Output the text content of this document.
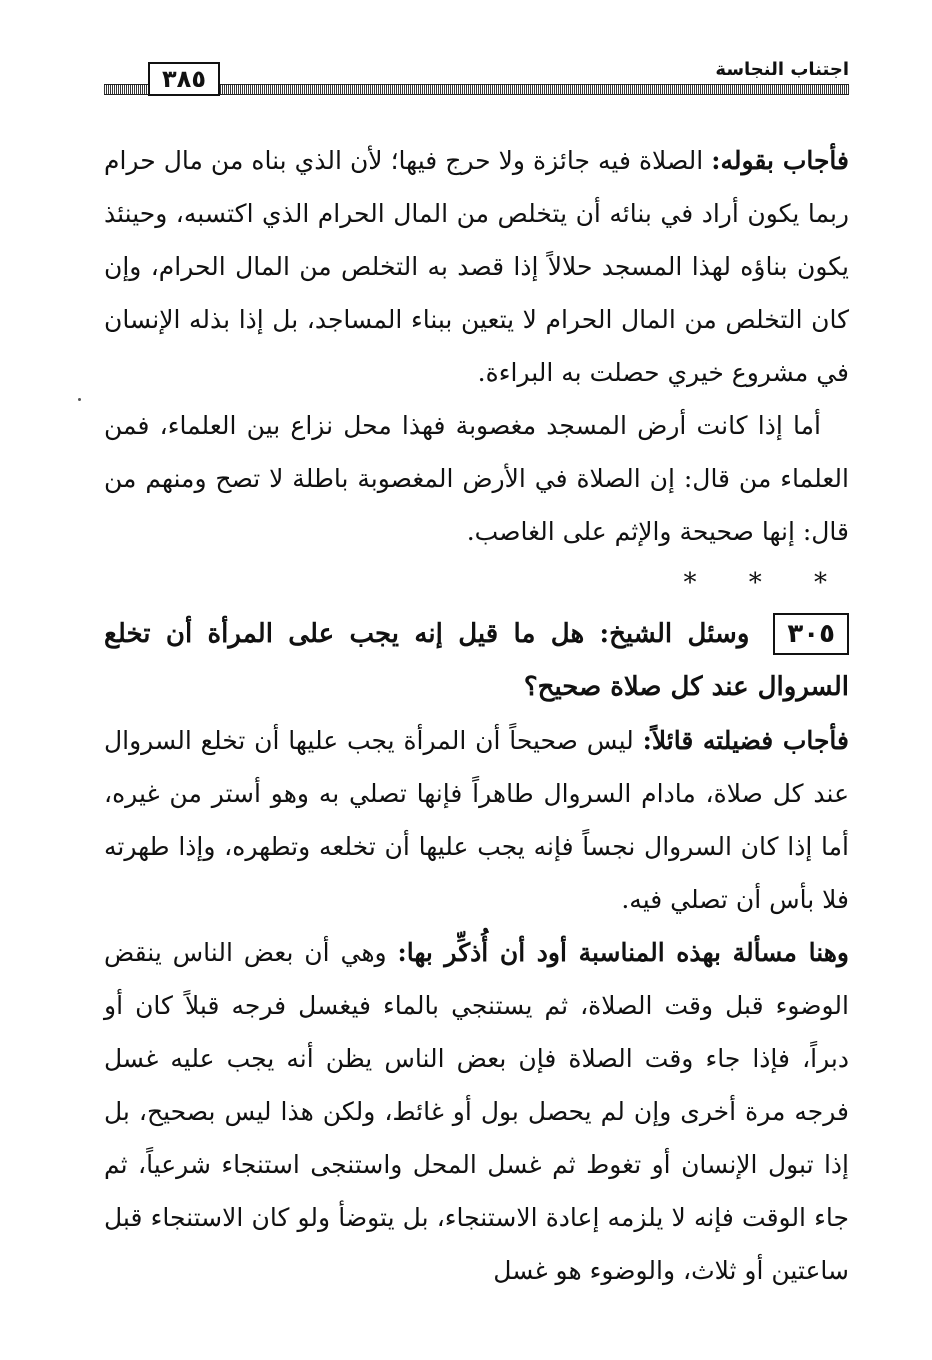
٣٨٥	اجتناب النجاسة

فأجاب بقوله: الصلاة فيه جائزة ولا حرج فيها؛ لأن الذي بناه من مال حرام ربما يكون أراد في بنائه أن يتخلص من المال الحرام الذي اكتسبه، وحينئذ يكون بناؤه لهذا المسجد حلالاً إذا قصد به التخلص من المال الحرام، وإن كان التخلص من المال الحرام لا يتعين ببناء المساجد، بل إذا بذله الإنسان في مشروع خيري حصلت به البراءة.

أما إذا كانت أرض المسجد مغصوبة فهذا محل نزاع بين العلماء، فمن العلماء من قال: إن الصلاة في الأرض المغصوبة باطلة لا تصح ومنهم من قال: إنها صحيحة والإثم على الغاصب.

* * *

٣٠٥وسئل الشيخ: هل ما قيل إنه يجب على المرأة أن تخلع السروال عند كل صلاة صحيح؟

فأجاب فضيلته قائلاً: ليس صحيحاً أن المرأة يجب عليها أن تخلع السروال عند كل صلاة، مادام السروال طاهراً فإنها تصلي به وهو أستر من غيره، أما إذا كان السروال نجساً فإنه يجب عليها أن تخلعه وتطهره، وإذا طهرته فلا بأس أن تصلي فيه.

وهنا مسألة بهذه المناسبة أود أن أُذكِّر بها: وهي أن بعض الناس ينقض الوضوء قبل وقت الصلاة، ثم يستنجي بالماء فيغسل فرجه قبلاً كان أو دبراً، فإذا جاء وقت الصلاة فإن بعض الناس يظن أنه يجب عليه غسل فرجه مرة أخرى وإن لم يحصل بول أو غائط، ولكن هذا ليس بصحيح، بل إذا تبول الإنسان أو تغوط ثم غسل المحل واستنجى استنجاء شرعياً، ثم جاء الوقت فإنه لا يلزمه إعادة الاستنجاء، بل يتوضأ ولو كان الاستنجاء قبل ساعتين أو ثلاث، والوضوء هو غسل
